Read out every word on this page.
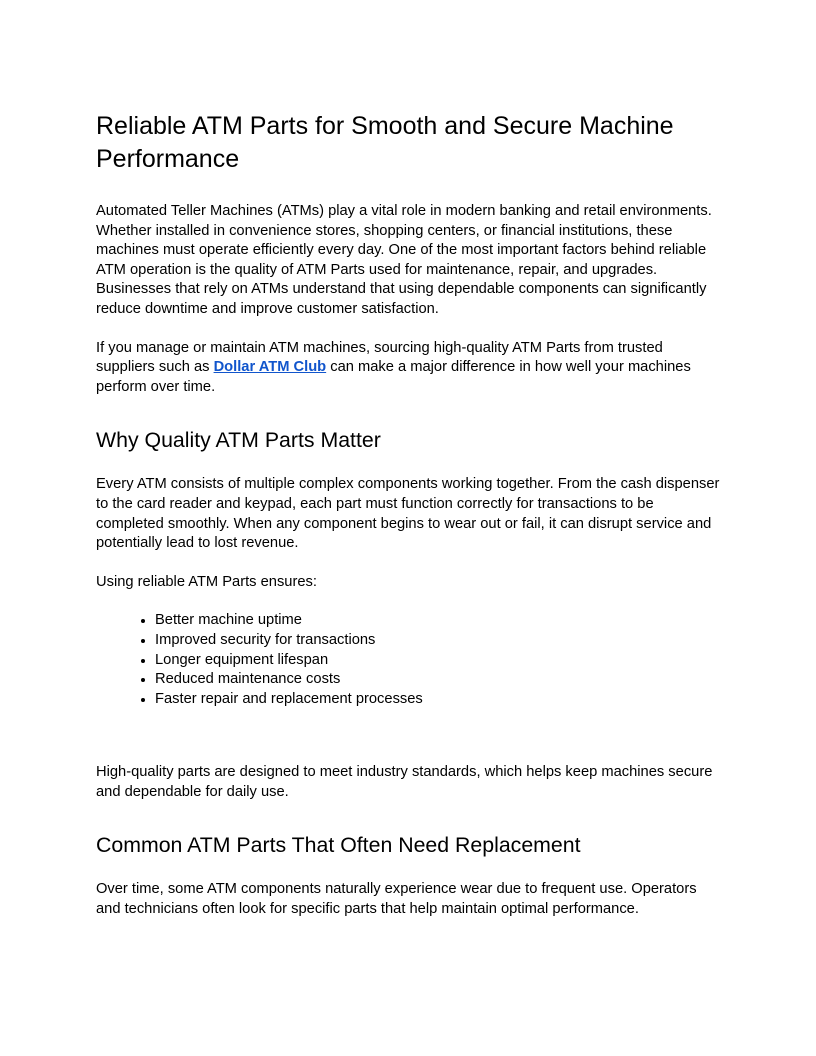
Reliable ATM Parts for Smooth and Secure Machine Performance

Automated Teller Machines (ATMs) play a vital role in modern banking and retail environments. Whether installed in convenience stores, shopping centers, or financial institutions, these machines must operate efficiently every day. One of the most important factors behind reliable ATM operation is the quality of ATM Parts used for maintenance, repair, and upgrades. Businesses that rely on ATMs understand that using dependable components can significantly reduce downtime and improve customer satisfaction.

If you manage or maintain ATM machines, sourcing high-quality ATM Parts from trusted suppliers such as Dollar ATM Club can make a major difference in how well your machines perform over time.

Why Quality ATM Parts Matter

Every ATM consists of multiple complex components working together. From the cash dispenser to the card reader and keypad, each part must function correctly for transactions to be completed smoothly. When any component begins to wear out or fail, it can disrupt service and potentially lead to lost revenue.

Using reliable ATM Parts ensures:

• Better machine uptime
• Improved security for transactions
• Longer equipment lifespan
• Reduced maintenance costs
• Faster repair and replacement processes

High-quality parts are designed to meet industry standards, which helps keep machines secure and dependable for daily use.

Common ATM Parts That Often Need Replacement

Over time, some ATM components naturally experience wear due to frequent use. Operators and technicians often look for specific parts that help maintain optimal performance.
